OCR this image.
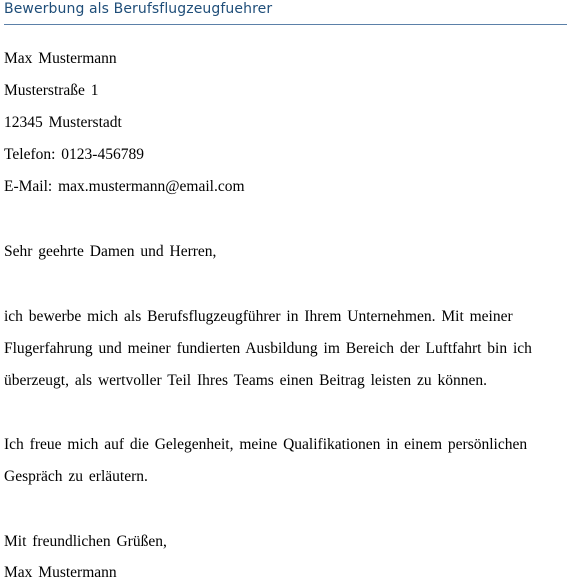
Bewerbung als Berufsflugzeugfuehrer
Max Mustermann
Musterstraße 1
12345 Musterstadt
Telefon: 0123-456789
E-Mail: max.mustermann@email.com
Sehr geehrte Damen und Herren,
ich bewerbe mich als Berufsflugzeugführer in Ihrem Unternehmen. Mit meiner
Flugerfahrung und meiner fundierten Ausbildung im Bereich der Luftfahrt bin ich
überzeugt, als wertvoller Teil Ihres Teams einen Beitrag leisten zu können.
Ich freue mich auf die Gelegenheit, meine Qualifikationen in einem persönlichen
Gespräch zu erläutern.
Mit freundlichen Grüßen,
Max Mustermann
